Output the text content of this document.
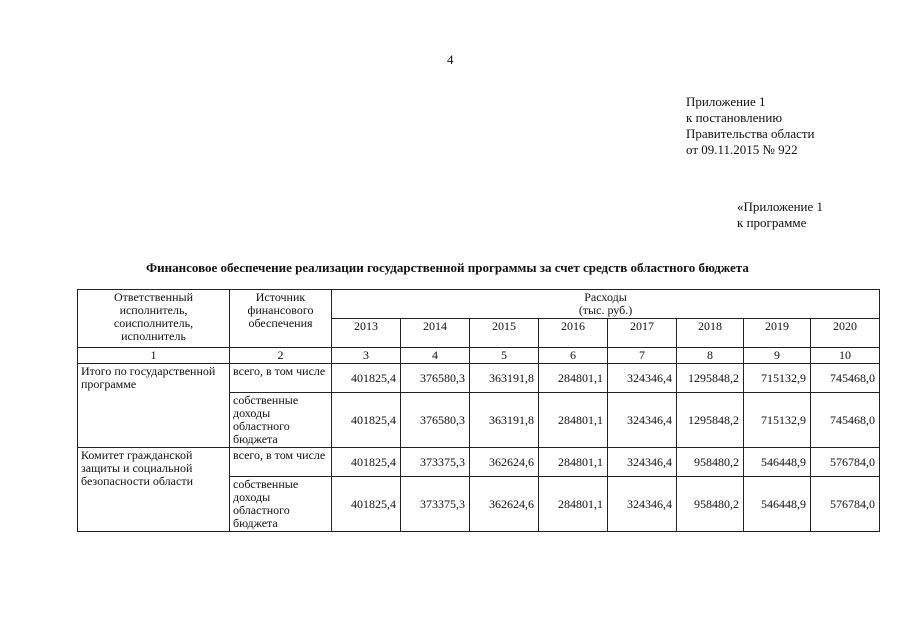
4
Приложение 1
к постановлению
Правительства области
от 09.11.2015 № 922
«Приложение 1
к программе
Финансовое обеспечение реализации государственной программы за счет средств областного бюджета
Ответственный исполнитель, соисполнитель, исполнитель	Источник финансового обеспечения	Расходы
(тыс. руб.)							

		2013	2014	2015	2016	2017	2018	2019	2020
1	2	3	4	5	6	7	8	9	10
Итого по государственной программе	всего, в том числе	401825,4	376580,3	363191,8	284801,1	324346,4	1295848,2	715132,9	745468,0
	собственные доходы областного бюджета	401825,4	376580,3	363191,8	284801,1	324346,4	1295848,2	715132,9	745468,0
Комитет гражданской защиты и социальной безопасности области	всего, в том числе	401825,4	373375,3	362624,6	284801,1	324346,4	958480,2	546448,9	576784,0
	собственные доходы областного бюджета	401825,4	373375,3	362624,6	284801,1	324346,4	958480,2	546448,9	576784,0
